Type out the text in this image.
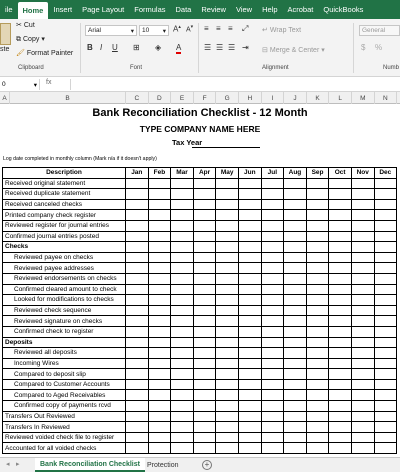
ile	Home	Insert	Page Layout	Formulas	Data	Review	View	Help	Acrobat	QuickBooks
ste
✂ Cut
⧉ Copy ▾
🖌 Format Painter
Clipboard
Arial	▾ 10 ▾ A▴ A▾
B I U ⊞ ◈ A
Font
≡ ≡ ≡ ⤢ ↵ Wrap Text
☰ ☰ ☰ ⇥ ⊟ Merge & Center ▾
Alignment
General
$ %
Numb
0	▾ fx
A	B	C	D	E	F	G	H	I	J	K	L	M	N
Bank Reconciliation Checklist - 12 Month
TYPE COMPANY NAME HERE
Tax Year
Log date completed in monthly column (Mark n/a if it doesn't apply)
Description	Jan	Feb	Mar	Apr	May	Jun	Jul	Aug	Sep	Oct	Nov	Dec
Received original statement												
Received duplicate statement												
Received canceled checks												
Printed company check register												
Reviewed register for journal entries												
Confirmed journal entries posted												
Checks												
Reviewed payee on checks												
Reviewed payee addresses												
Reviewed endorsements on checks												
Confirmed cleared amount to check												
Looked for modifications to checks												
Reviewed check sequence												
Reviewed signature on checks												
Confirmed check to register												
Deposits												
Reviewed all deposits												
Incoming Wires												
Compared to deposit slip												
Compared to Customer Accounts												
Compared to Aged Receivables												
Confirmed copy of payments rcvd												
Transfers Out Reviewed												
Transfers In Reviewed												
Reviewed voided check file to register												
Accounted for all voided checks												
◂ ▸	Bank Reconciliation Checklist	Protection	+
